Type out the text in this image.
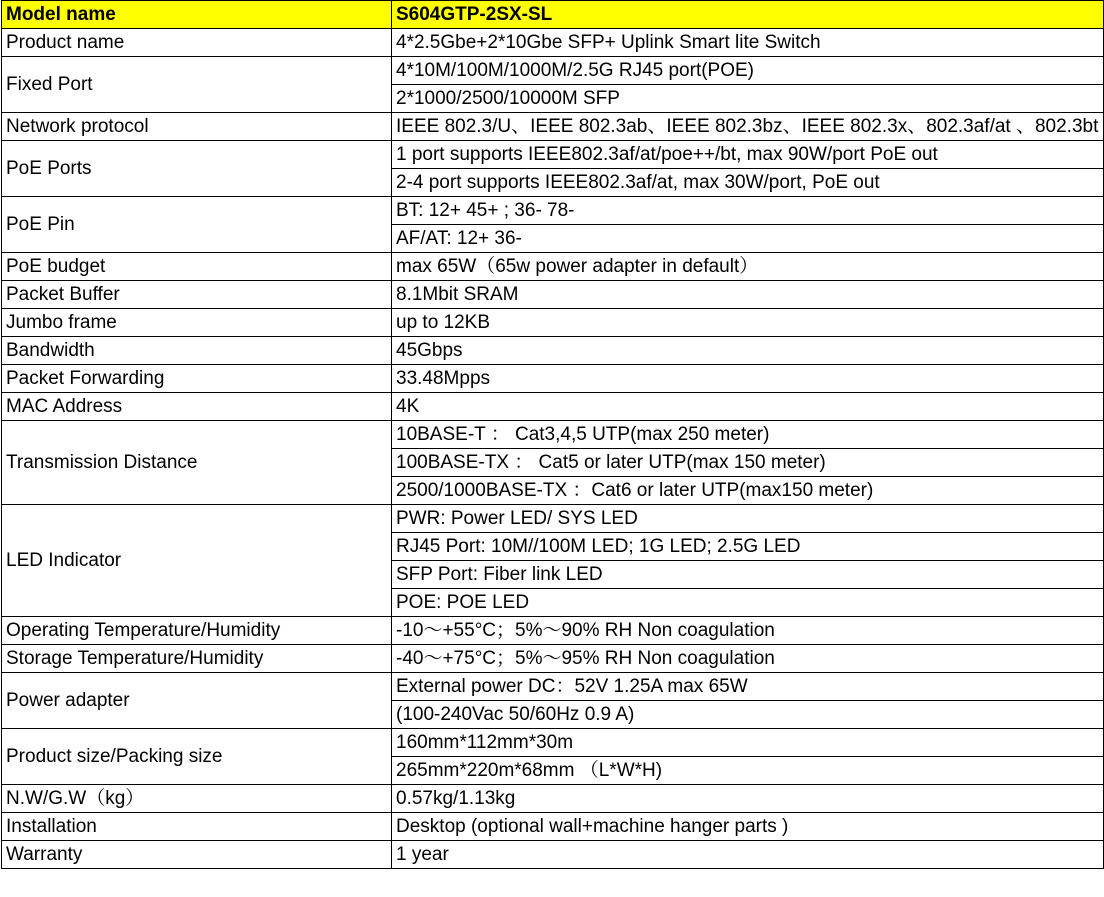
Model name	S604GTP-2SX-SL
Product name	4*2.5Gbe+2*10Gbe SFP+ Uplink Smart lite Switch
Fixed Port	4*10M/100M/1000M/2.5G RJ45 port(POE)
	2*1000/2500/10000M SFP
Network protocol	IEEE 802.3/U、IEEE 802.3ab、IEEE 802.3bz、IEEE 802.3x、802.3af/at 、802.3bt
PoE Ports	1 port supports IEEE802.3af/at/poe++/bt, max 90W/port PoE out
	2-4 port supports IEEE802.3af/at, max 30W/port, PoE out
PoE Pin	BT: 12+ 45+ ; 36- 78-
	AF/AT: 12+ 36-
PoE budget	max 65W（65w power adapter in default）
Packet Buffer	8.1Mbit SRAM
Jumbo frame	up to 12KB
Bandwidth	45Gbps
Packet Forwarding	33.48Mpps
MAC Address	4K
Transmission Distance	10BASE-T ： Cat3,4,5 UTP(max 250 meter)
	100BASE-TX ： Cat5 or later UTP(max 150 meter)
	2500/1000BASE-TX ：Cat6 or later UTP(max150 meter)
LED Indicator	PWR: Power LED/ SYS LED
	RJ45 Port: 10M//100M LED; 1G LED; 2.5G LED
	SFP Port: Fiber link LED
	POE: POE LED
Operating Temperature/Humidity	-10～+55°C；5%～90% RH Non coagulation
Storage Temperature/Humidity	-40～+75°C；5%～95% RH Non coagulation
Power adapter	External power DC：52V 1.25A max 65W
	(100-240Vac 50/60Hz 0.9 A)
Product size/Packing size	160mm*112mm*30m
	265mm*220m*68mm （L*W*H)
N.W/G.W（kg）	0.57kg/1.13kg
Installation	Desktop (optional wall+machine hanger parts )
Warranty	1 year
